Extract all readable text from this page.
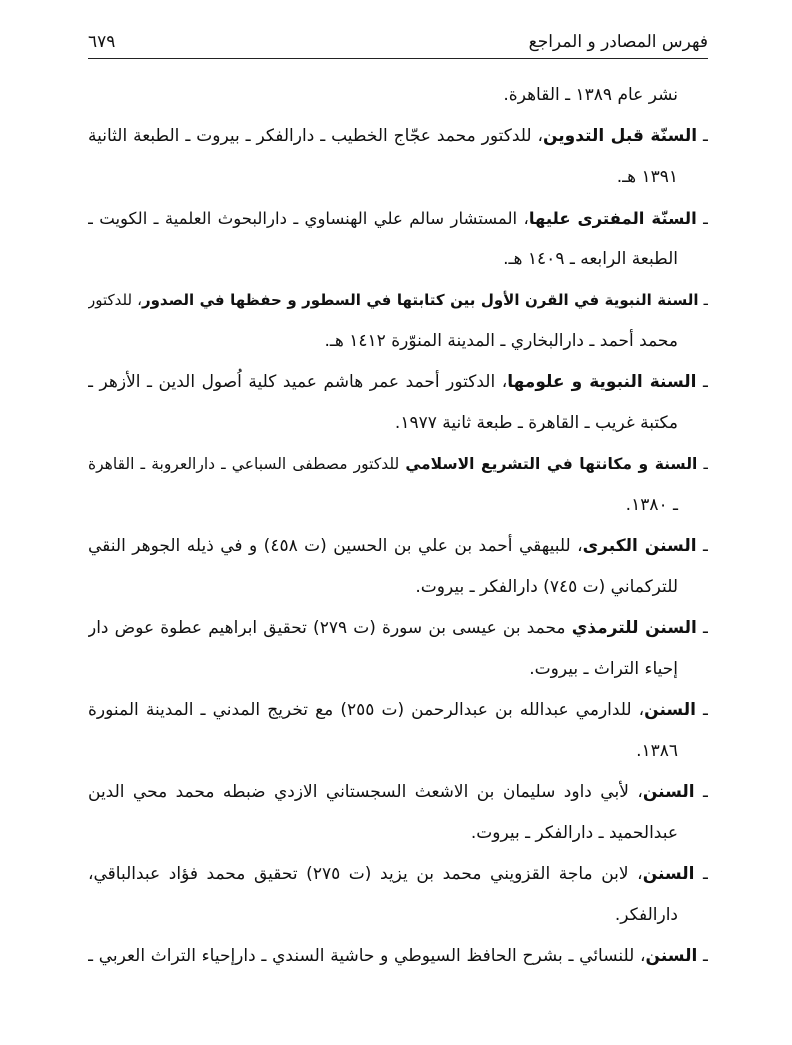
فهرس المصادر و المراجع
٦٧٩
نشر عام ١٣٨٩ ـ القاهرة.
ـ السنّة قبل التدوين، للدكتور محمد عجّاج الخطيب ـ دارالفكر ـ بيروت ـ الطبعة الثانية
١٣٩١ هـ.
ـ السنّة المفترى عليها، المستشار سالم علي الهنساوي ـ دارالبحوث العلمية ـ الكويت ـ
الطبعة الرابعه ـ ١٤٠٩ هـ.
ـ السنة النبوية في القرن الأول بين كتابتها في السطور و حفظها في الصدور، للدكتور
محمد أحمد ـ دارالبخاري ـ المدينة المنوّرة ١٤١٢ هـ.
ـ السنة النبوية و علومها، الدكتور أحمد عمر هاشم عميد كلية اُصول الدين ـ الأزهر ـ
مكتبة غريب ـ القاهرة ـ طبعة ثانية ١٩٧٧.
ـ السنة و مكانتها في التشريع الاسلامي للدكتور مصطفى السباعي ـ دارالعروبة ـ القاهرة
ـ ١٣٨٠.
ـ السنن الكبرى، للبيهقي أحمد بن علي بن الحسين (ت ٤٥٨) و في ذيله الجوهر النقي
للتركماني (ت ٧٤٥) دارالفكر ـ بيروت.
ـ السنن للترمذي محمد بن عيسى بن سورة (ت ٢٧٩) تحقيق ابراهيم عطوة عوض دار
إحياء التراث ـ بيروت.
ـ السنن، للدارمي عبدالله بن عبدالرحمن (ت ٢٥٥) مع تخريج المدني ـ المدينة المنورة
١٣٨٦.
ـ السنن، لأبي داود سليمان بن الاشعث السجستاني الازدي ضبطه محمد محي الدين
عبدالحميد ـ دارالفكر ـ بيروت.
ـ السنن، لابن ماجة القزويني محمد بن يزيد (ت ٢٧٥) تحقيق محمد فؤاد عبدالباقي،
دارالفكر.
ـ السنن، للنسائي ـ بشرح الحافظ السيوطي و حاشية السندي ـ دارإحياء التراث العربي ـ
